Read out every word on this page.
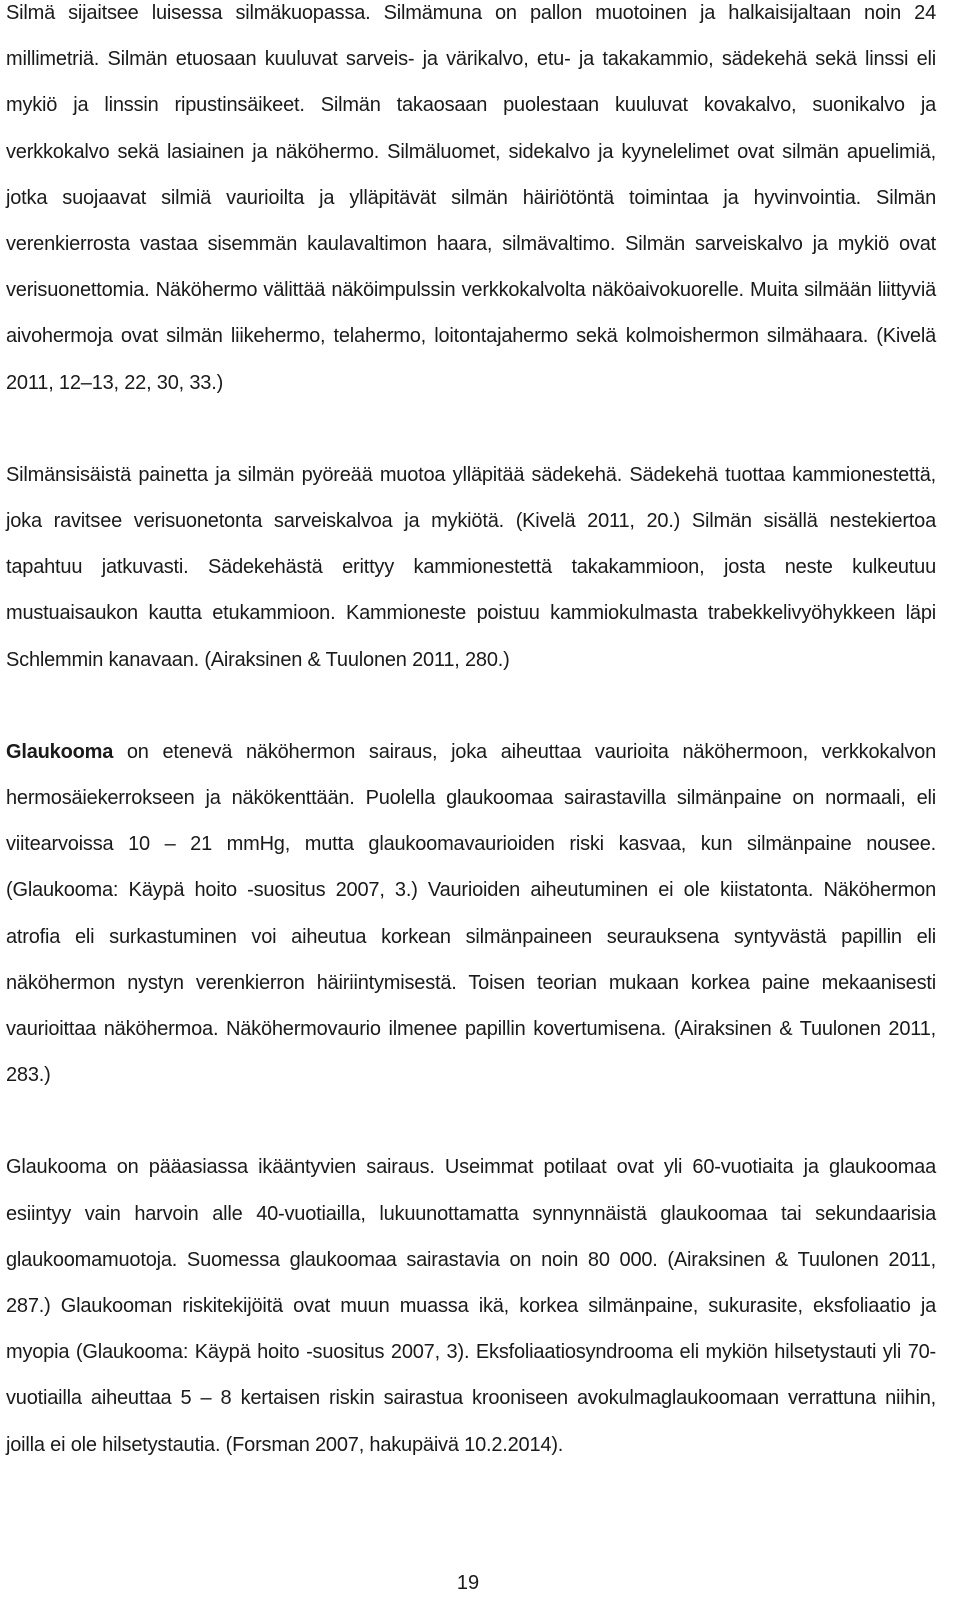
Silmä sijaitsee luisessa silmäkuopassa. Silmämuna on pallon muotoinen ja halkaisijaltaan noin 24 millimetriä. Silmän etuosaan kuuluvat sarveis- ja värikalvo, etu- ja takakammio, sädekehä sekä linssi eli mykiö ja linssin ripustinsäikeet. Silmän takaosaan puolestaan kuuluvat kovakalvo, suonikalvo ja verkkokalvo sekä lasiainen ja näköhermo. Silmäluomet, sidekalvo ja kyynelelimet ovat silmän apuelimiä, jotka suojaavat silmiä vaurioilta ja ylläpitävät silmän häiriötöntä toimintaa ja hyvinvointia. Silmän verenkierrosta vastaa sisemmän kaulavaltimon haara, silmävaltimo. Silmän sarveiskalvo ja mykiö ovat verisuonettomia. Näköhermo välittää näköimpulssin verkkokalvolta näköaivokuorelle. Muita silmään liittyviä aivohermoja ovat silmän liikehermo, telahermo, loitontajahermo sekä kolmoishermon silmähaara. (Kivelä 2011, 12–13, 22, 30, 33.)

Silmänsisäistä painetta ja silmän pyöreää muotoa ylläpitää sädekehä. Sädekehä tuottaa kammionestettä, joka ravitsee verisuonetonta sarveiskalvoa ja mykiötä. (Kivelä 2011, 20.) Silmän sisällä nestekiertoa tapahtuu jatkuvasti. Sädekehästä erittyy kammionestettä takakammioon, josta neste kulkeutuu mustuaisaukon kautta etukammioon. Kammioneste poistuu kammiokulmasta trabekkelivyöhykkeen läpi Schlemmin kanavaan. (Airaksinen & Tuulonen 2011, 280.)

Glaukooma on etenevä näköhermon sairaus, joka aiheuttaa vaurioita näköhermoon, verkkokalvon hermosäiekerrokseen ja näkökenttään. Puolella glaukoomaa sairastavilla silmänpaine on normaali, eli viitearvoissa 10 – 21 mmHg, mutta glaukoomavaurioiden riski kasvaa, kun silmänpaine nousee. (Glaukooma: Käypä hoito -suositus 2007, 3.) Vaurioiden aiheutuminen ei ole kiistatonta. Näköhermon atrofia eli surkastuminen voi aiheutua korkean silmänpaineen seurauksena syntyvästä papillin eli näköhermon nystyn verenkierron häiriintymisestä. Toisen teorian mukaan korkea paine mekaanisesti vaurioittaa näköhermoa. Näköhermovaurio ilmenee papillin kovertumisena. (Airaksinen & Tuulonen 2011, 283.)

Glaukooma on pääasiassa ikääntyvien sairaus. Useimmat potilaat ovat yli 60-vuotiaita ja glaukoomaa esiintyy vain harvoin alle 40-vuotiailla, lukuunottamatta synnynnäistä glaukoomaa tai sekundaarisia glaukoomamuotoja. Suomessa glaukoomaa sairastavia on noin 80 000. (Airaksinen & Tuulonen 2011, 287.) Glaukooman riskitekijöitä ovat muun muassa ikä, korkea silmänpaine, sukurasite, eksfoliaatio ja myopia (Glaukooma: Käypä hoito -suositus 2007, 3). Eksfoliaatiosyndrooma eli mykiön hilsetystauti yli 70-vuotiailla aiheuttaa 5 – 8 kertaisen riskin sairastua krooniseen avokulmaglaukoomaan verrattuna niihin, joilla ei ole hilsetystautia. (Forsman 2007, hakupäivä 10.2.2014).

19
